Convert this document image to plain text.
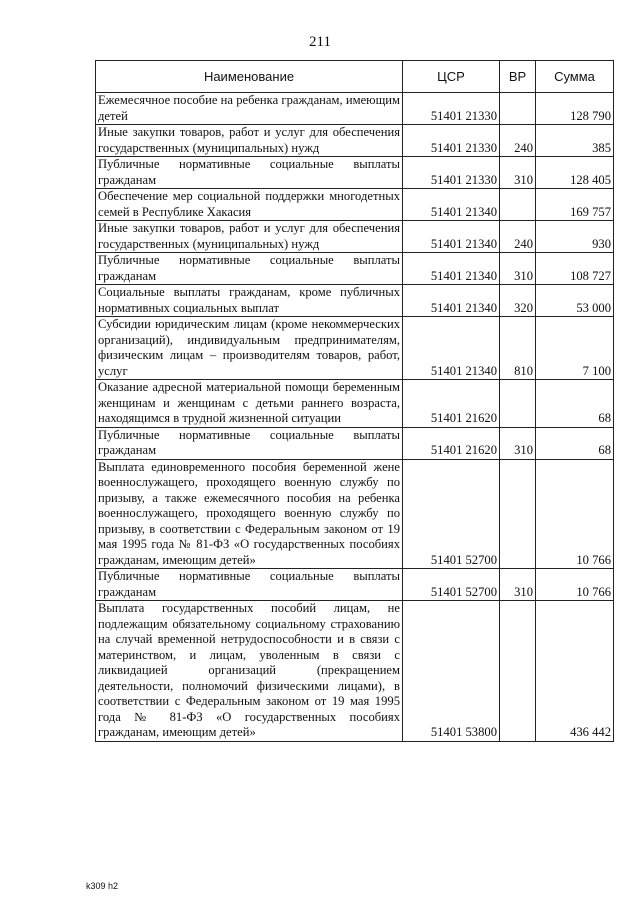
211
Наименование	ЦСР	ВР	Сумма
Ежемесячное пособие на ребенка гражданам, имеющим детей	51401 21330		128 790
Иные закупки товаров, работ и услуг для обеспечения государственных (муниципальных) нужд	51401 21330	240	385
Публичные нормативные социальные выплаты гражданам	51401 21330	310	128 405
Обеспечение мер социальной поддержки многодетных семей в Республике Хакасия	51401 21340		169 757
Иные закупки товаров, работ и услуг для обеспечения государственных (муниципальных) нужд	51401 21340	240	930
Публичные нормативные социальные выплаты гражданам	51401 21340	310	108 727
Социальные выплаты гражданам, кроме публичных нормативных социальных выплат	51401 21340	320	53 000
Субсидии юридическим лицам (кроме некоммерческих организаций), индивидуальным предпринимателям, физическим лицам – производителям товаров, работ, услуг	51401 21340	810	7 100
Оказание адресной материальной помощи беременным женщинам и женщинам с детьми раннего возраста, находящимся в трудной жизненной ситуации	51401 21620		68
Публичные нормативные социальные выплаты гражданам	51401 21620	310	68
Выплата единовременного пособия беременной жене военнослужащего, проходящего военную службу по призыву, а также ежемесячного пособия на ребенка военнослужащего, проходящего военную службу по призыву, в соответствии с Федеральным законом от 19 мая 1995 года № 81-ФЗ «О государственных пособиях гражданам, имеющим детей»	51401 52700		10 766
Публичные нормативные социальные выплаты гражданам	51401 52700	310	10 766
Выплата государственных пособий лицам, не подлежащим обязательному социальному страхованию на случай временной нетрудоспособности и в связи с материнством, и лицам, уволенным в связи с ликвидацией организаций (прекращением деятельности, полномочий физическими лицами), в соответствии с Федеральным законом от 19 мая 1995 года № 81-ФЗ «О государственных пособиях гражданам, имеющим детей»	51401 53800		436 442
k309 h2
